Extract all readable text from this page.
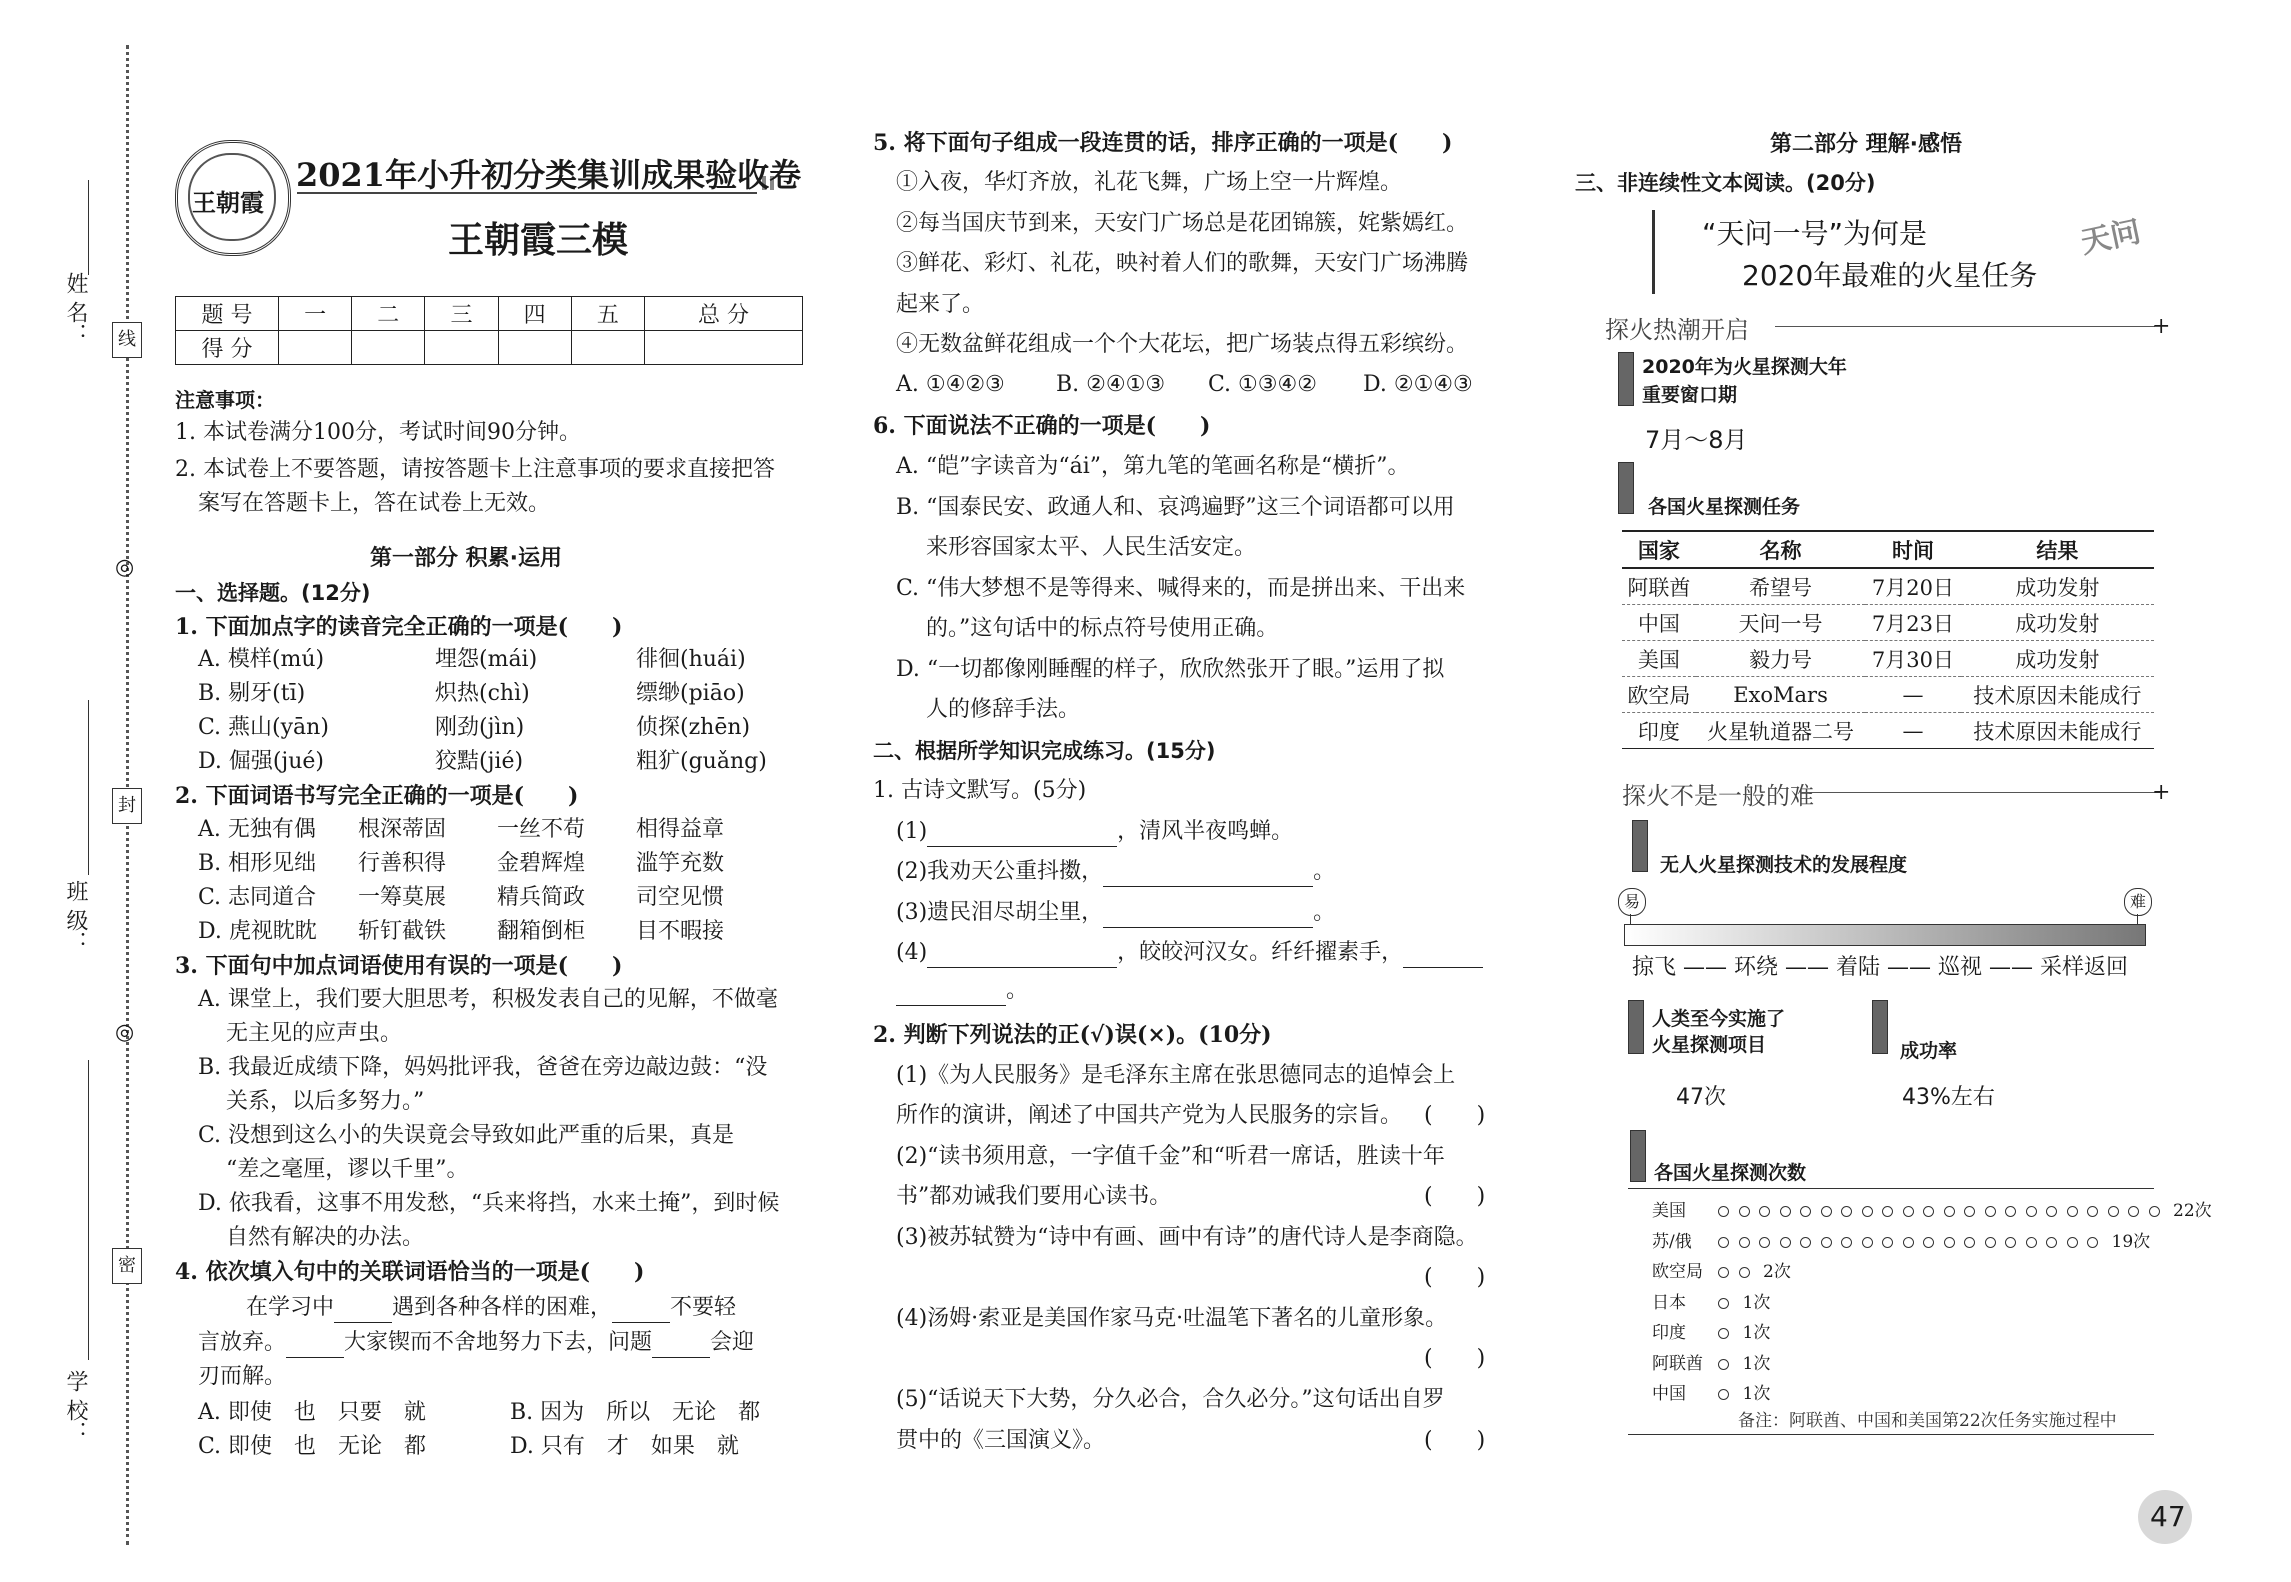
姓 名：
班 级：
学 校：
线
封
密
◎
◎
王朝霞
2021年小升初分类集训成果验收卷
王朝霞三模
题 号	一	二	三	四	五	总 分
得 分						
注意事项：
1. 本试卷满分100分，考试时间90分钟。
2. 本试卷上不要答题，请按答题卡上注意事项的要求直接把答
案写在答题卡上，答在试卷上无效。
第一部分 积累·运用
一、选择题。(12分)
1. 下面加点字的读音完全正确的一项是(　　)
A. 模样(mú)	埋怨(mái)	徘徊(huái)
B. 剔牙(tī)	炽热(chì)	缥缈(piāo)
C. 燕山(yān)	刚劲(jìn)	侦探(zhēn)
D. 倔强(jué)	狡黠(jié)	粗犷(guǎng)
2. 下面词语书写完全正确的一项是(　　)
A. 无独有偶 根深蒂固 一丝不苟 相得益章
B. 相形见绌 行善积得 金碧辉煌 滥竽充数
C. 志同道合 一筹莫展 精兵简政 司空见惯
D. 虎视眈眈 斩钉截铁 翻箱倒柜 目不暇接
3. 下面句中加点词语使用有误的一项是(　　)
A. 课堂上，我们要大胆思考，积极发表自己的见解，不做毫
无主见的应声虫。
B. 我最近成绩下降，妈妈批评我，爸爸在旁边敲边鼓：“没
关系，以后多努力。”
C. 没想到这么小的失误竟会导致如此严重的后果，真是
“差之毫厘，谬以千里”。
D. 依我看，这事不用发愁，“兵来将挡，水来土掩”，到时候
自然有解决的办法。
4. 依次填入句中的关联词语恰当的一项是(　　)
在学习中	遇到各种各样的困难，	不要轻
言放弃。	大家锲而不舍地努力下去，问题	会迎
刃而解。
A. 即使　也　只要　就	B. 因为　所以　无论　都
C. 即使　也　无论　都	D. 只有　才　如果　就
5. 将下面句子组成一段连贯的话，排序正确的一项是(　　)
①入夜，华灯齐放，礼花飞舞，广场上空一片辉煌。
②每当国庆节到来，天安门广场总是花团锦簇，姹紫嫣红。
③鲜花、彩灯、礼花，映衬着人们的歌舞，天安门广场沸腾
起来了。
④无数盆鲜花组成一个个大花坛，把广场装点得五彩缤纷。
A. ①④②③ B. ②④①③ C. ①③④② D. ②①④③
6. 下面说法不正确的一项是(　　)
A. “皑”字读音为“ái”，第九笔的笔画名称是“横折”。
B. “国泰民安、政通人和、哀鸿遍野”这三个词语都可以用
来形容国家太平、人民生活安定。
C. “伟大梦想不是等得来、喊得来的，而是拼出来、干出来
的。”这句话中的标点符号使用正确。
D. “一切都像刚睡醒的样子，欣欣然张开了眼。”运用了拟
人的修辞手法。
二、根据所学知识完成练习。(15分)
1. 古诗文默写。(5分)
(1)	，清风半夜鸣蝉。
(2)我劝天公重抖擞，	。
(3)遗民泪尽胡尘里，	。
(4)	，皎皎河汉女。纤纤擢素手，
。
2. 判断下列说法的正(√)误(×)。(10分)
(1)《为人民服务》是毛泽东主席在张思德同志的追悼会上
所作的演讲，阐述了中国共产党为人民服务的宗旨。 (　　)
(2)“读书须用意，一字值千金”和“听君一席话，胜读十年
书”都劝诫我们要用心读书。	(　　)
(3)被苏轼赞为“诗中有画、画中有诗”的唐代诗人是李商隐。
(　　)
(4)汤姆·索亚是美国作家马克·吐温笔下著名的儿童形象。
(　　)
(5)“话说天下大势，分久必合，合久必分。”这句话出自罗
贯中的《三国演义》。	(　　)
第二部分 理解·感悟
三、非连续性文本阅读。(20分)
“天问一号”为何是
2020年最难的火星任务
天问
探火热潮开启	+
2020年为火星探测大年
重要窗口期
7月～8月
各国火星探测任务
国家	名称	时间	结果
阿联酋	希望号	7月20日	成功发射
中国	天问一号	7月23日	成功发射
美国	毅力号	7月30日	成功发射
欧空局	ExoMars	—	技术原因未能成行
印度	火星轨道器二号	—	技术原因未能成行
探火不是一般的难	+
无人火星探测技术的发展程度
易	难
掠飞 —— 环绕 —— 着陆 —— 巡视 —— 采样返回
人类至今实施了
火星探测项目
47次
成功率
43%左右
各国火星探测次数
美国	22次
苏/俄	19次
欧空局	2次
日本	1次
印度	1次
阿联酋 1次
中国	1次
备注：阿联酋、中国和美国第22次任务实施过程中
47
